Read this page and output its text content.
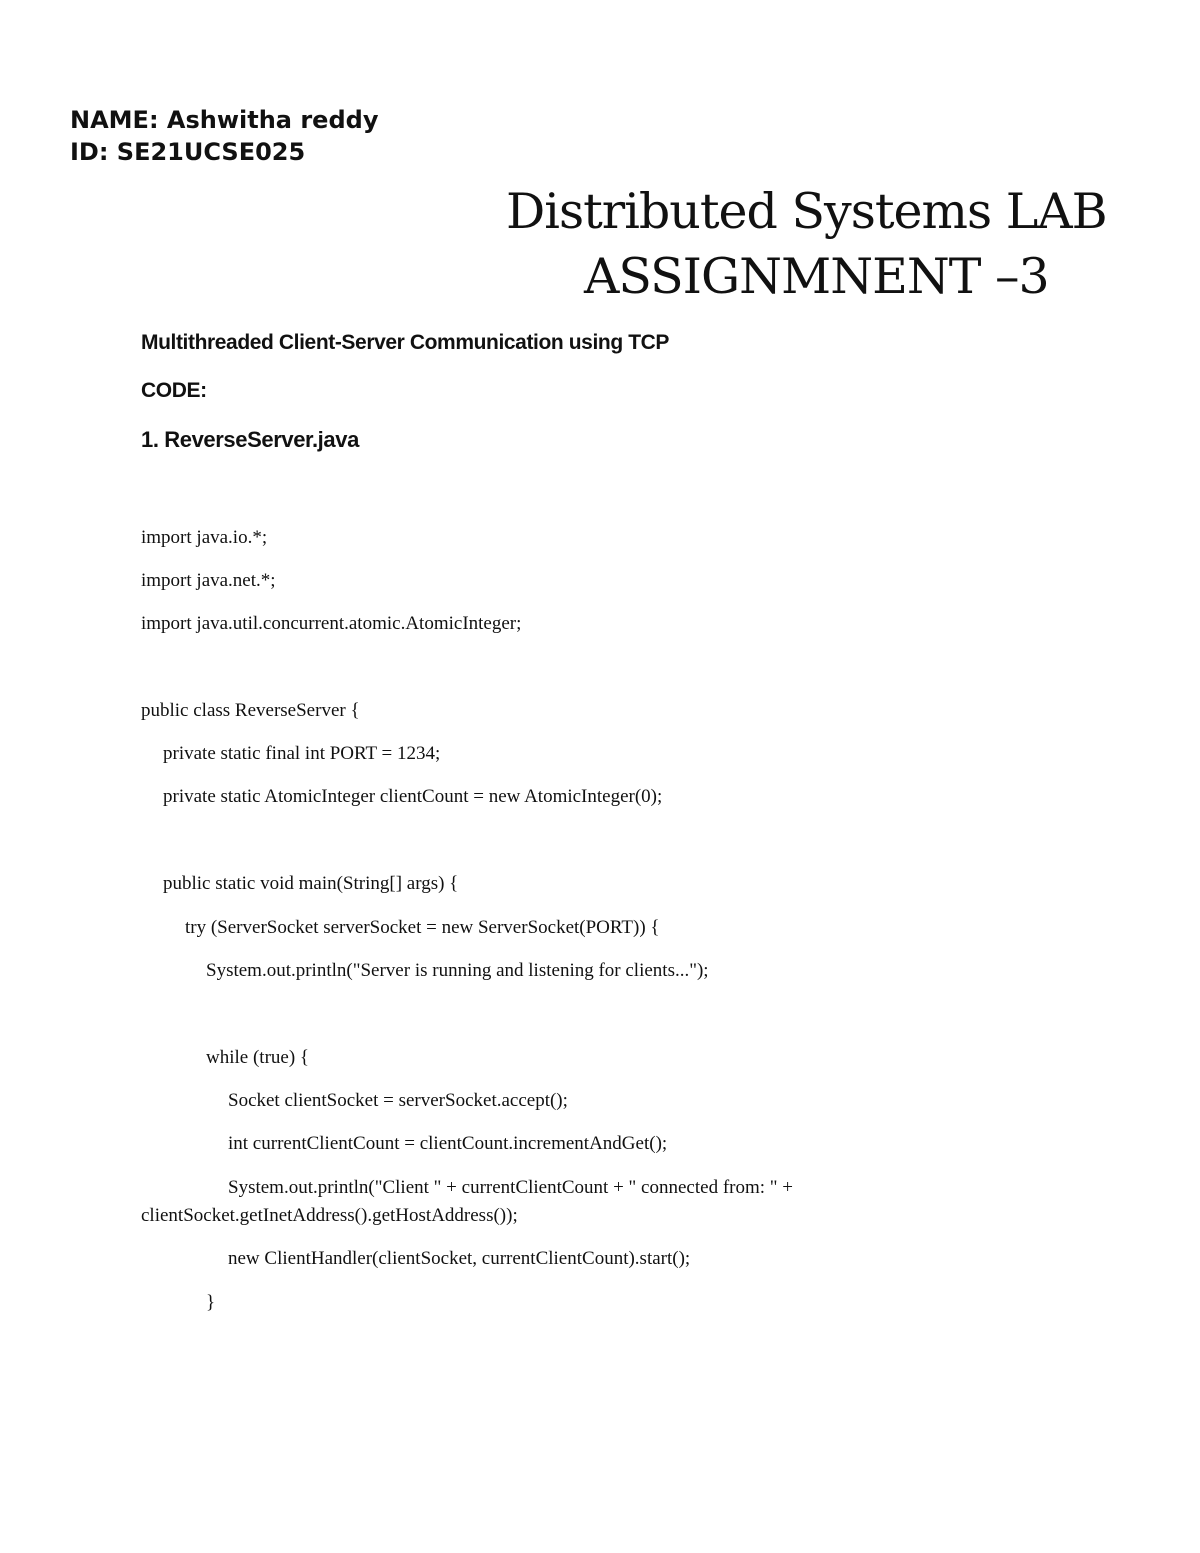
NAME: Ashwitha reddy
ID: SE21UCSE025
Distributed Systems LAB
ASSIGNMNENT –3
Multithreaded Client-Server Communication using TCP
CODE:
1. ReverseServer.java
import java.io.*;
import java.net.*;
import java.util.concurrent.atomic.AtomicInteger;
public class ReverseServer {
private static final int PORT = 1234;
private static AtomicInteger clientCount = new AtomicInteger(0);
public static void main(String[] args) {
try (ServerSocket serverSocket = new ServerSocket(PORT)) {
System.out.println("Server is running and listening for clients...");
while (true) {
Socket clientSocket = serverSocket.accept();
int currentClientCount = clientCount.incrementAndGet();
System.out.println("Client " + currentClientCount + " connected from: " +
clientSocket.getInetAddress().getHostAddress());
new ClientHandler(clientSocket, currentClientCount).start();
}
